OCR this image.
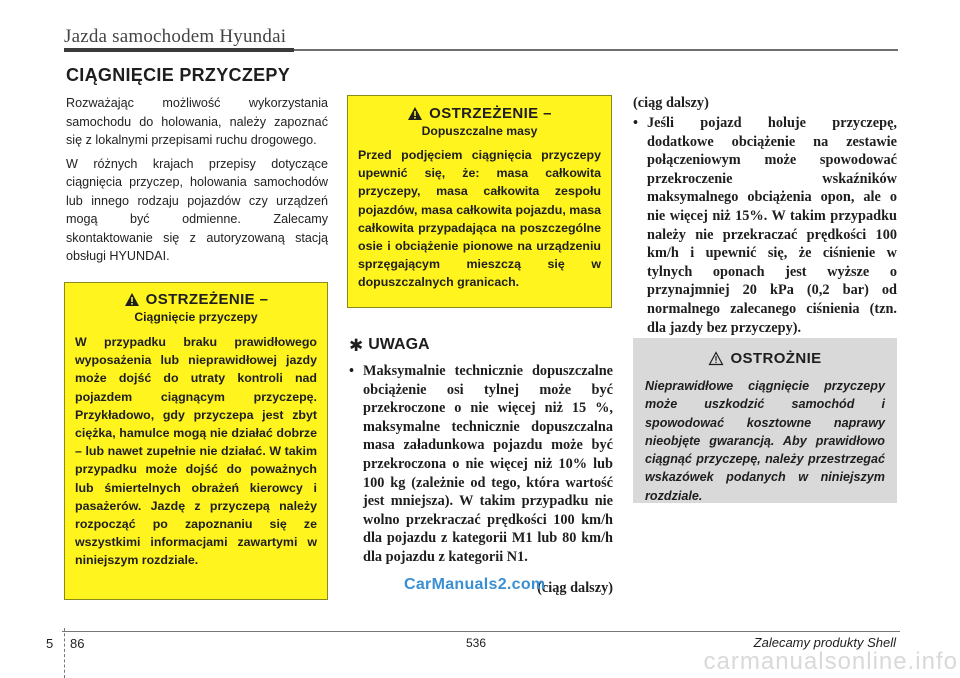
Jazda samochodem Hyundai
CIĄGNIĘCIE PRZYCZEPY

Rozważając możliwość wykorzystania samochodu do holowania, należy zapoznać się z lokalnymi przepisami ruchu drogowego.

W różnych krajach przepisy dotyczące ciągnięcia przyczep, holowania samochodów lub innego rodzaju pojazdów czy urządzeń mogą być odmienne. Zalecamy skontaktowanie się z autoryzowaną stacją obsługi HYUNDAI.

OSTRZEŻENIE –
Ciągnięcie przyczepy
W przypadku braku prawidłowego wyposażenia lub nieprawidłowej jazdy może dojść do utraty kontroli nad pojazdem ciągnącym przyczepę. Przykładowo, gdy przyczepa jest zbyt ciężka, hamulce mogą nie działać dobrze – lub nawet zupełnie nie działać. W takim przypadku może dojść do poważnych lub śmiertelnych obrażeń kierowcy i pasażerów. Jazdę z przyczepą należy rozpocząć po zapoznaniu się ze wszystkimi informacjami zawartymi w niniejszym rozdziale.
OSTRZEŻENIE –
Dopuszczalne masy
Przed podjęciem ciągnięcia przyczepy upewnić się, że: masa całkowita przyczepy, masa całkowita zespołu pojazdów, masa całkowita pojazdu, masa całkowita przypadająca na poszczególne osie i obciążenie pionowe na urządzeniu sprzęgającym mieszczą się w dopuszczalnych granicach.
✱ UWAGA
• Maksymalnie technicznie dopuszczalne obciążenie osi tylnej może być przekroczone o nie więcej niż 15 %, maksymalne technicznie dopuszczalna masa załadunkowa pojazdu może być przekroczona o nie więcej niż 10% lub 100 kg (zależnie od tego, która wartość jest mniejsza). W takim przypadku nie wolno przekraczać prędkości 100 km/h dla pojazdu z kategorii M1 lub 80 km/h dla pojazdu z kategorii N1.
(ciąg dalszy)
CarManuals2.com
(ciąg dalszy)
• Jeśli pojazd holuje przyczepę, dodatkowe obciążenie na zestawie połączeniowym może spowodować przekroczenie wskaźników maksymalnego obciążenia opon, ale o nie więcej niż 15%. W takim przypadku należy nie przekraczać prędkości 100 km/h i upewnić się, że ciśnienie w tylnych oponach jest wyższe o przynajmniej 20 kPa (0,2 bar) od normalnego zalecanego ciśnienia (tzn. dla jazdy bez przyczepy).
OSTROŻNIE
Nieprawidłowe ciągnięcie przyczepy może uszkodzić samochód i spowodować kosztowne naprawy nieobjęte gwarancją. Aby prawidłowo ciągnąć przyczepę, należy przestrzegać wskazówek podanych w niniejszym rozdziale.
5 86	536	Zalecamy produkty Shell
carmanualsonline.info
